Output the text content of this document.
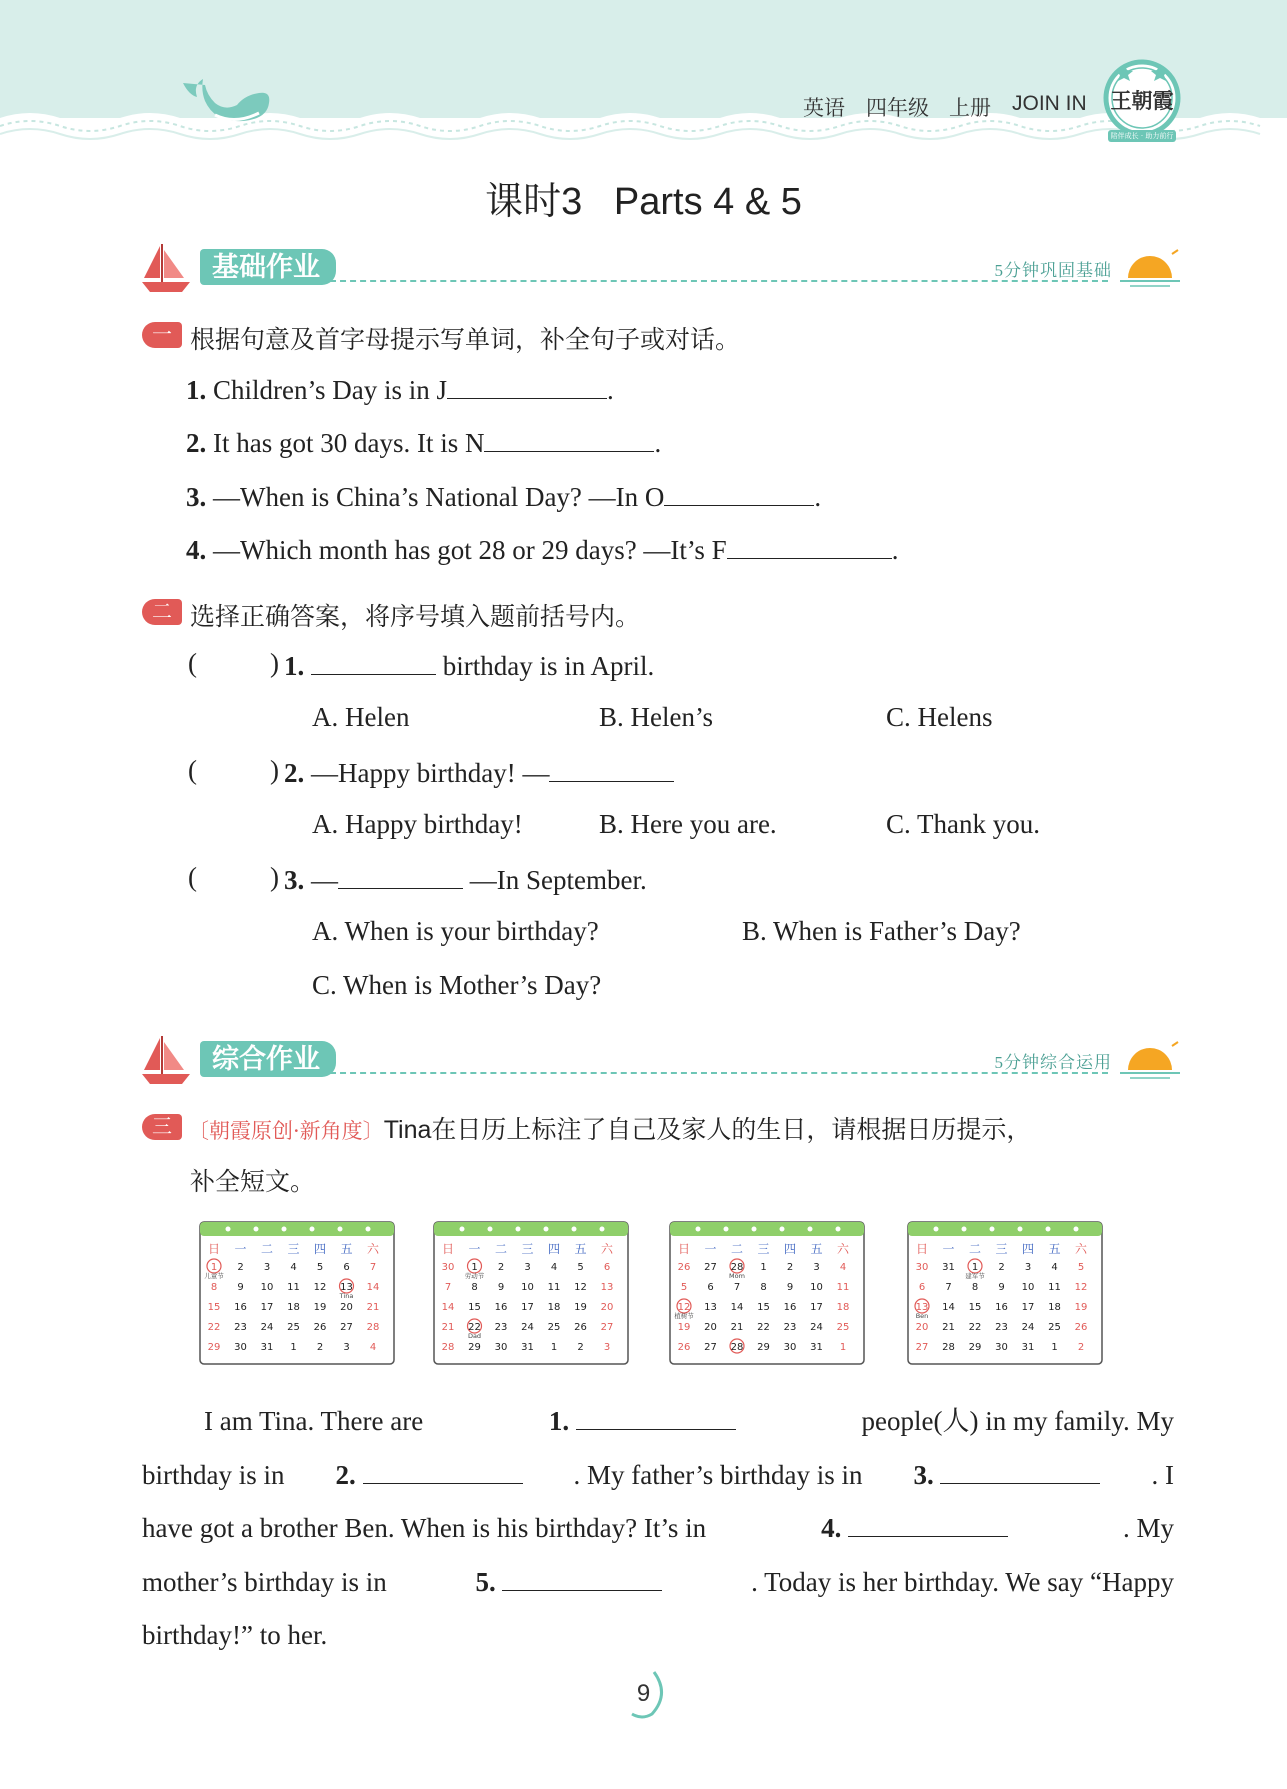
英语 四年级 上册 JOIN IN 王朝霞
陪伴成长 · 助力前行
课时3   Parts 4 & 5
基础作业	5分钟巩固基础
一 根据句意及首字母提示写单词，补全句子或对话。
1. Children’s Day is in J	.
2. It has got 30 days. It is N	.
3. —When is China’s National Day? —In O	.
4. —Which month has got 28 or 29 days? —It’s F	.
二 选择正确答案，将序号填入题前括号内。
(	) 1.	birthday is in April.
A. Helen	B. Helen’s	C. Helens
(	) 2. —Happy birthday! —
A. Happy birthday!	B. Here you are.	C. Thank you.
(	) 3. —	—In September.
A. When is your birthday?	B. When is Father’s Day?
C. When is Mother’s Day?
综合作业	5分钟综合运用
三 〔朝霞原创·新角度〕Tina在日历上标注了自己及家人的生日，请根据日历提示，
补全短文。
日 一 二 三 四 五 六
1 2 3 4 5 6 7
8 9 10 11 12 13 14
15 16 17 18 19 20 21
22 23 24 25 26 27 28
29 30 31 1 2 3 4
儿童节
Tina
日 一 二 三 四 五 六
30 1 2 3 4 5 6
7 8 9 10 11 12 13
14 15 16 17 18 19 20
21 22 23 24 25 26 27
28 29 30 31 1 2 3
劳动节
Dad
日 一 二 三 四 五 六
26 27 28 1 2 3 4
5 6 7 8 9 10 11
12 13 14 15 16 17 18
19 20 21 22 23 24 25
26 27 28 29 30 31 1
植树节
Mom
日 一 二 三 四 五 六
30 31 1 2 3 4 5
6 7 8 9 10 11 12
13 14 15 16 17 18 19
20 21 22 23 24 25 26
27 28 29 30 31 1 2
建军节
Ben
I am Tina. There are	1.	people(人) in my family. My
birthday is in 2.	. My father’s birthday is in 3.	. I
have got a brother Ben. When is his birthday? It’s in	4.	. My
mother’s birthday is in	5.	. Today is her birthday. We say “Happy
birthday!” to her.
9
